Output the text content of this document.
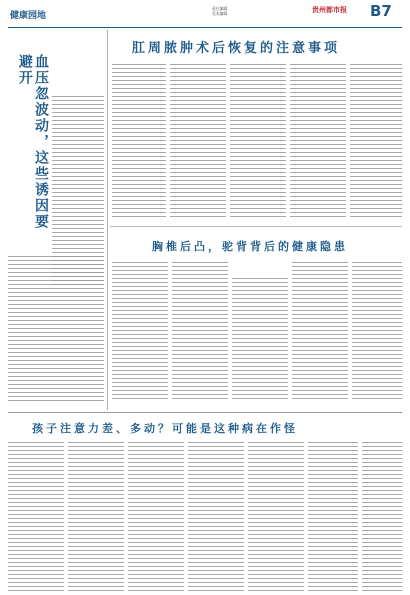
健康园地
责任编辑：
美术编辑：	贵州都市报 B7
血压忽波动，这些诱因要避开
肛周脓肿术后恢复的注意事项
胸椎后凸，驼背背后的健康隐患
孩子注意力差、多动？可能是这种病在作怪
